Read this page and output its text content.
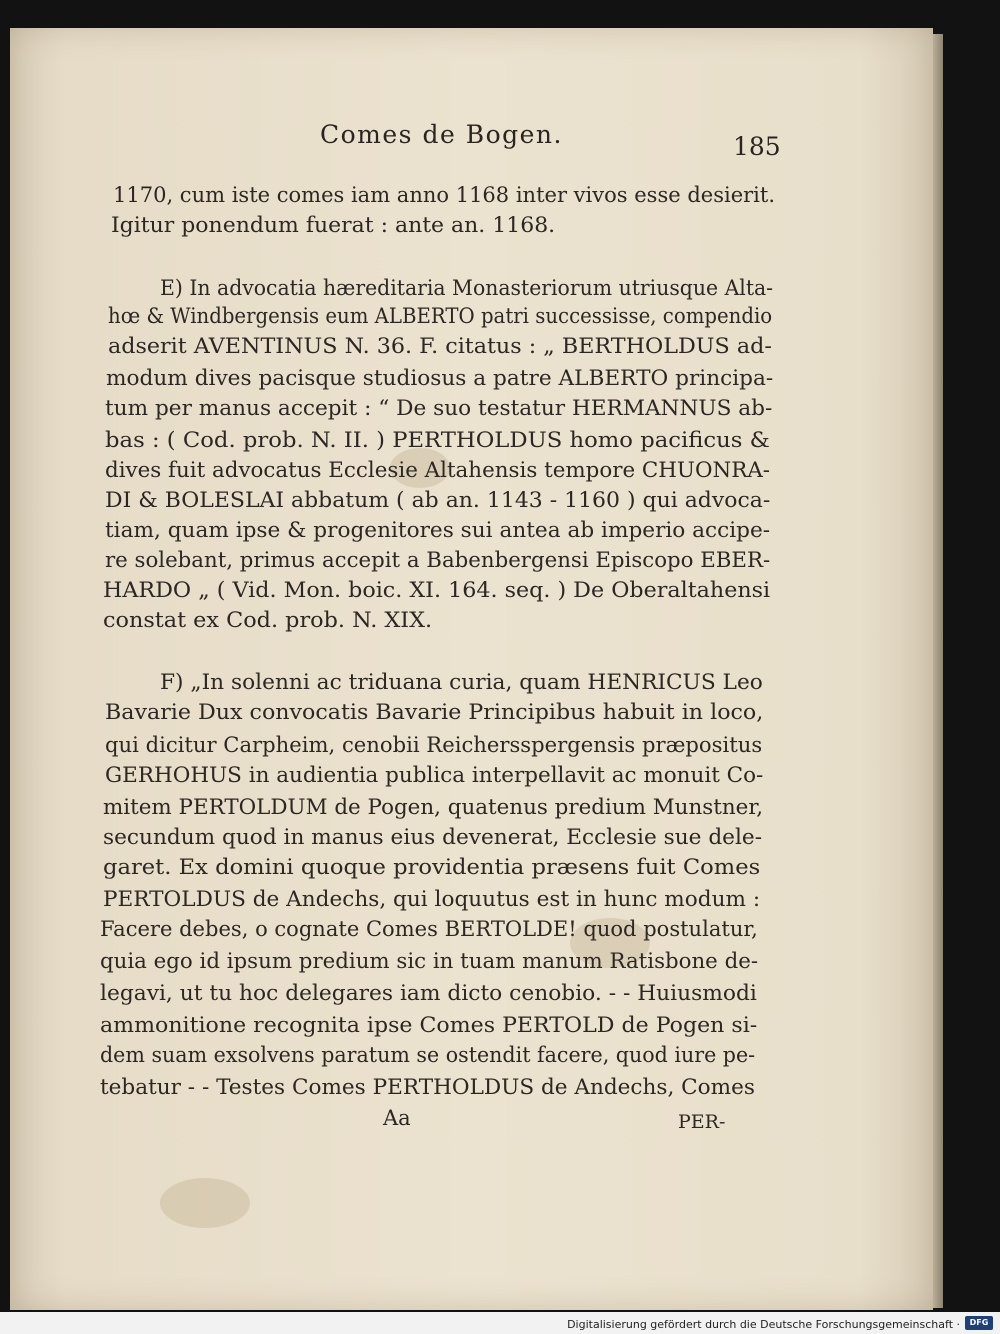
Comes de Bogen.	185
1170, cum iste comes iam anno 1168 inter vivos esse desierit.
Igitur ponendum fuerat : ante an. 1168.
E) In advocatia hæreditaria Monasteriorum utriusque Alta-
hœ & Windbergensis eum ALBERTO patri successisse, compendio
adserit AVENTINUS N. 36. F. citatus : „ BERTHOLDUS ad-
modum dives pacisque studiosus a patre ALBERTO principa-
tum per manus accepit : “ De suo testatur HERMANNUS ab-
bas : ( Cod. prob. N. II. ) PERTHOLDUS homo pacificus &
dives fuit advocatus Ecclesie Altahensis tempore CHUONRA-
DI & BOLESLAI abbatum ( ab an. 1143 - 1160 ) qui advoca-
tiam, quam ipse & progenitores sui antea ab imperio accipe-
re solebant, primus accepit a Babenbergensi Episcopo EBER-
HARDO „ ( Vid. Mon. boic. XI. 164. seq. ) De Oberaltahensi
constat ex Cod. prob. N. XIX.
F) „In solenni ac triduana curia, quam HENRICUS Leo
Bavarie Dux convocatis Bavarie Principibus habuit in loco,
qui dicitur Carpheim, cenobii Reichersspergensis præpositus
GERHOHUS in audientia publica interpellavit ac monuit Co-
mitem PERTOLDUM de Pogen, quatenus predium Munstner,
secundum quod in manus eius devenerat, Ecclesie sue dele-
garet. Ex domini quoque providentia præsens fuit Comes
PERTOLDUS de Andechs, qui loquutus est in hunc modum :
Facere debes, o cognate Comes BERTOLDE! quod postulatur,
quia ego id ipsum predium sic in tuam manum Ratisbone de-
legavi, ut tu hoc delegares iam dicto cenobio. - - Huiusmodi
ammonitione recognita ipse Comes PERTOLD de Pogen si-
dem suam exsolvens paratum se ostendit facere, quod iure pe-
tebatur - - Testes Comes PERTHOLDUS de Andechs, Comes
Aa	PER-
Digitalisierung gefördert durch die Deutsche Forschungsgemeinschaft ·	DFG
